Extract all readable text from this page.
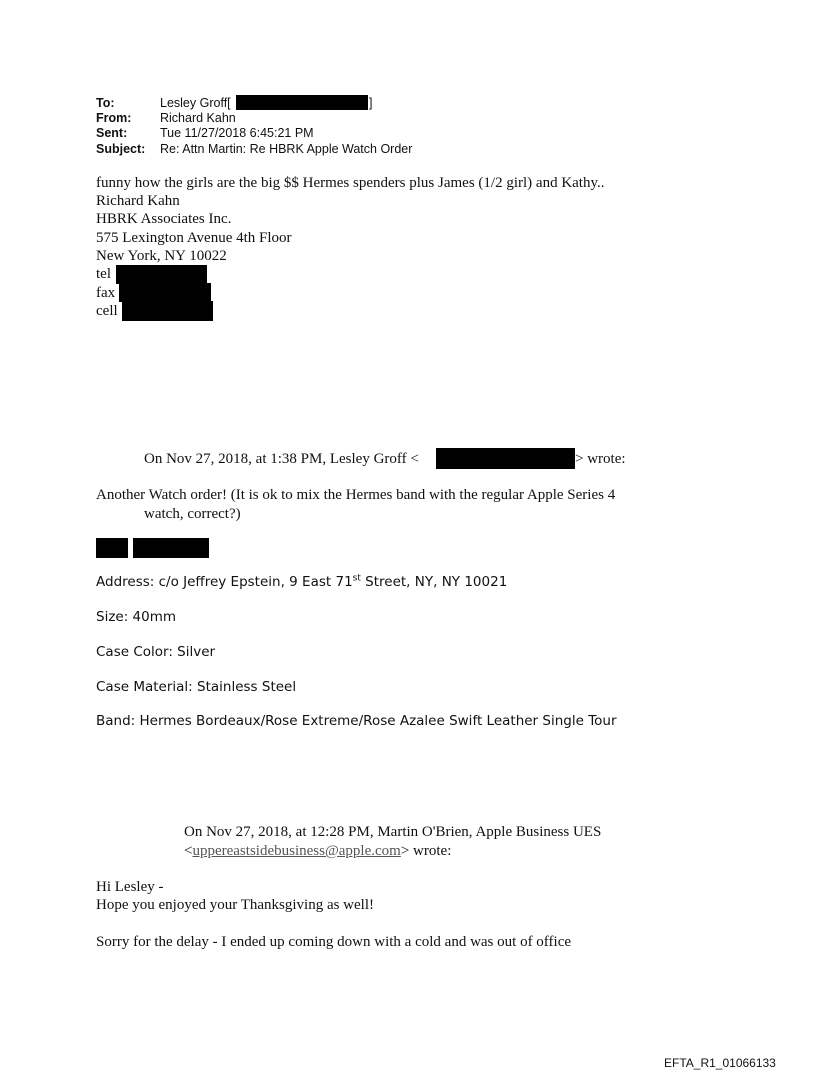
To:	Lesley Groff[	]
From: Richard Kahn
Sent:	Tue 11/27/2018 6:45:21 PM
Subject: Re: Attn Martin: Re HBRK Apple Watch Order
funny how the girls are the big $$ Hermes spenders plus James (1/2 girl) and Kathy..
Richard Kahn
HBRK Associates Inc.
575 Lexington Avenue 4th Floor
New York, NY 10022
tel
fax
cell
On Nov 27, 2018, at 1:38 PM, Lesley Groff <	> wrote:
Another Watch order! (It is ok to mix the Hermes band with the regular Apple Series 4
watch, correct?)
Address: c/o Jeffrey Epstein, 9 East 71st Street, NY, NY 10021
Size: 40mm
Case Color: Silver
Case Material: Stainless Steel
Band: Hermes Bordeaux/Rose Extreme/Rose Azalee Swift Leather Single Tour
On Nov 27, 2018, at 12:28 PM, Martin O'Brien, Apple Business UES
<uppereastsidebusiness@apple.com> wrote:
Hi Lesley -
Hope you enjoyed your Thanksgiving as well!
Sorry for the delay - I ended up coming down with a cold and was out of office
EFTA_R1_01066133
